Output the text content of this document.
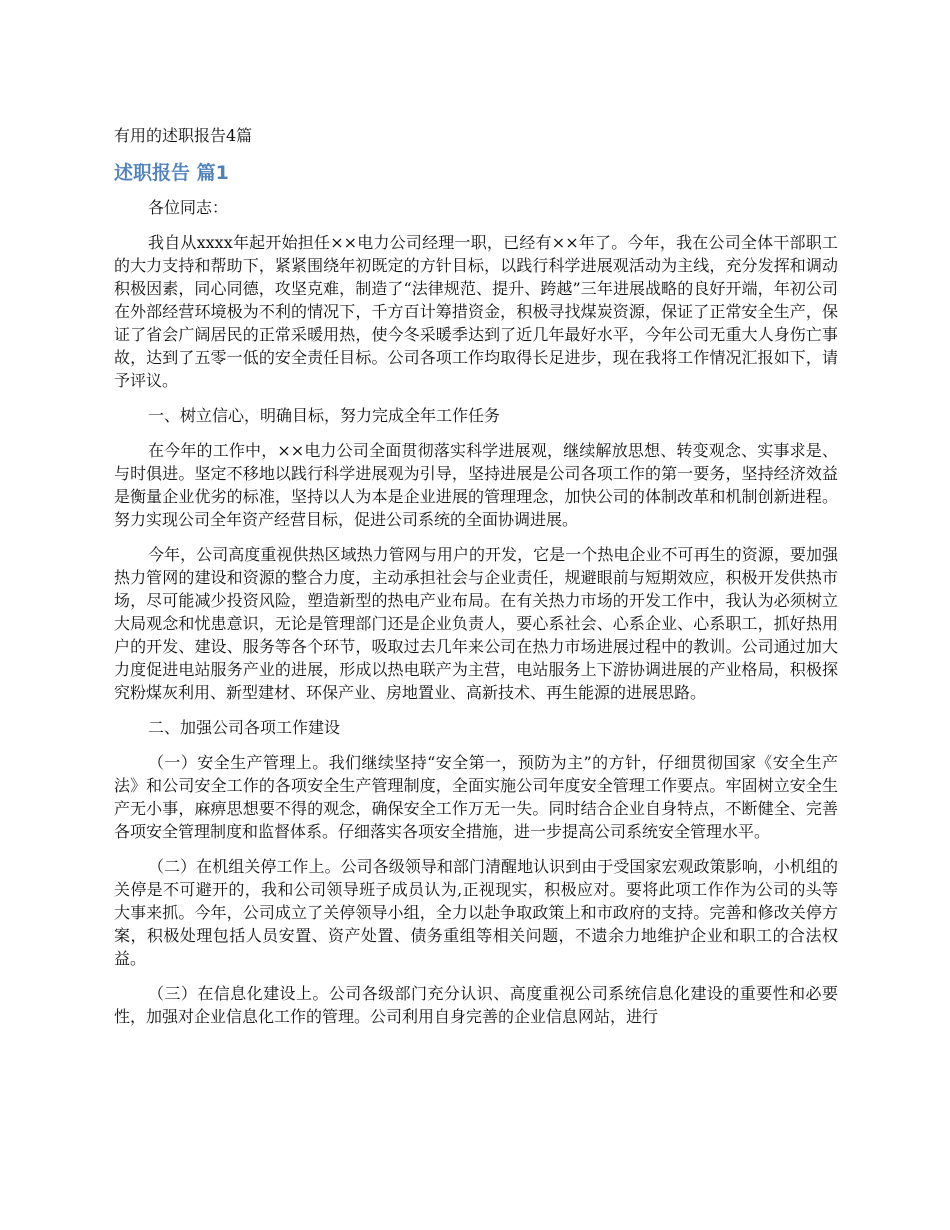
有用的述职报告4篇
述职报告 篇1

各位同志：

我自从xxxx年起开始担任××电力公司经理一职，已经有××年了。今年，我在公司全体干部职工的大力支持和帮助下，紧紧围绕年初既定的方针目标，以践行科学进展观活动为主线，充分发挥和调动积极因素，同心同德，攻坚克难，制造了“法律规范、提升、跨越”三年进展战略的良好开端，年初公司在外部经营环境极为不利的情况下，千方百计筹措资金，积极寻找煤炭资源，保证了正常安全生产，保证了省会广阔居民的正常采暖用热，使今冬采暖季达到了近几年最好水平，今年公司无重大人身伤亡事故，达到了五零一低的安全责任目标。公司各项工作均取得长足进步，现在我将工作情况汇报如下，请予评议。

一、树立信心，明确目标，努力完成全年工作任务

在今年的工作中，××电力公司全面贯彻落实科学进展观，继续解放思想、转变观念、实事求是、与时俱进。坚定不移地以践行科学进展观为引导，坚持进展是公司各项工作的第一要务，坚持经济效益是衡量企业优劣的标准，坚持以人为本是企业进展的管理理念，加快公司的体制改革和机制创新进程。努力实现公司全年资产经营目标，促进公司系统的全面协调进展。

今年，公司高度重视供热区域热力管网与用户的开发，它是一个热电企业不可再生的资源，要加强热力管网的建设和资源的整合力度，主动承担社会与企业责任，规避眼前与短期效应，积极开发供热市场，尽可能减少投资风险，塑造新型的热电产业布局。在有关热力市场的开发工作中，我认为必须树立大局观念和忧患意识，无论是管理部门还是企业负责人，要心系社会、心系企业、心系职工，抓好热用户的开发、建设、服务等各个环节，吸取过去几年来公司在热力市场进展过程中的教训。公司通过加大力度促进电站服务产业的进展，形成以热电联产为主营，电站服务上下游协调进展的产业格局，积极探究粉煤灰利用、新型建材、环保产业、房地置业、高新技术、再生能源的进展思路。

二、加强公司各项工作建设

（一）安全生产管理上。我们继续坚持“安全第一，预防为主”的方针，仔细贯彻国家《安全生产法》和公司安全工作的各项安全生产管理制度，全面实施公司年度安全管理工作要点。牢固树立安全生产无小事，麻痹思想要不得的观念，确保安全工作万无一失。同时结合企业自身特点，不断健全、完善各项安全管理制度和监督体系。仔细落实各项安全措施，进一步提高公司系统安全管理水平。

（二）在机组关停工作上。公司各级领导和部门清醒地认识到由于受国家宏观政策影响，小机组的关停是不可避开的，我和公司领导班子成员认为,正视现实，积极应对。要将此项工作作为公司的头等大事来抓。今年，公司成立了关停领导小组，全力以赴争取政策上和市政府的支持。完善和修改关停方案，积极处理包括人员安置、资产处置、债务重组等相关问题，不遗余力地维护企业和职工的合法权益。

（三）在信息化建设上。公司各级部门充分认识、高度重视公司系统信息化建设的重要性和必要性，加强对企业信息化工作的管理。公司利用自身完善的企业信息网站，进行
